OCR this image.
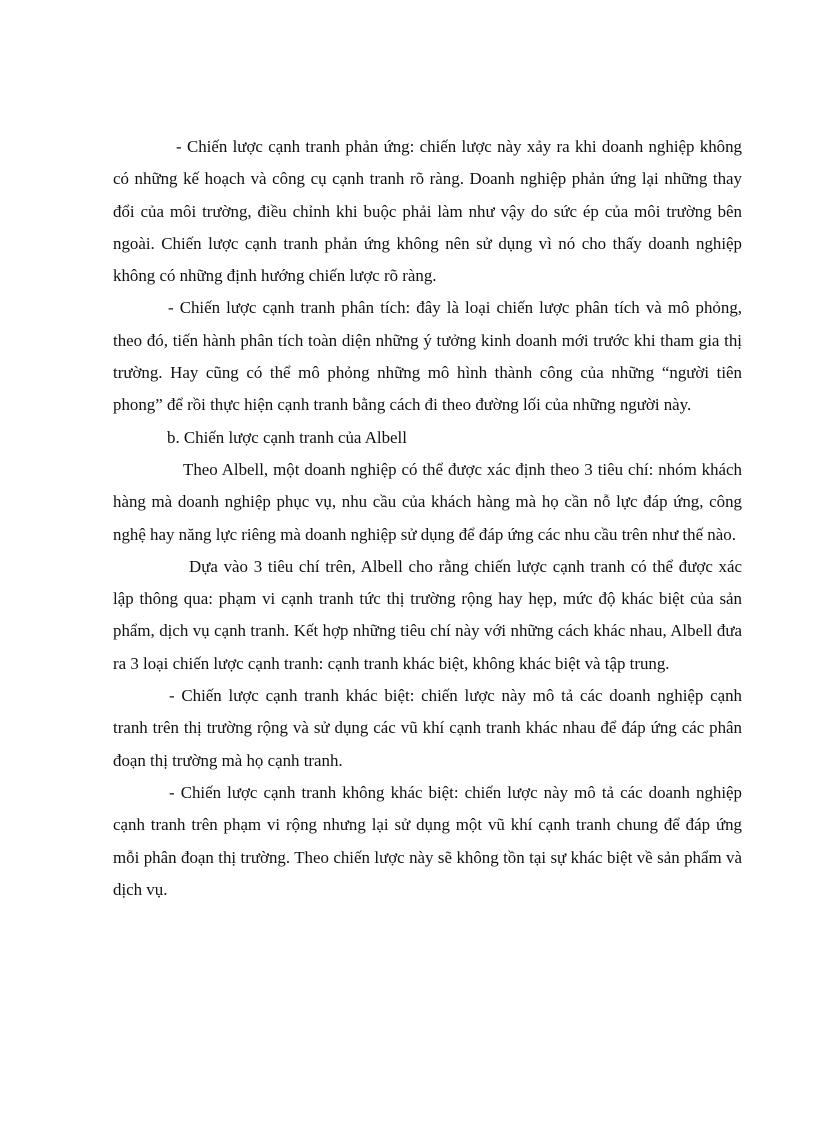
- Chiến lược cạnh tranh phản ứng: chiến lược này xảy ra khi doanh nghiệp không có những kế hoạch và công cụ cạnh tranh rõ ràng. Doanh nghiệp phản ứng lại những thay đổi của môi trường, điều chỉnh khi buộc phải làm như vậy do sức ép của môi trường bên ngoài. Chiến lược cạnh tranh phản ứng không nên sử dụng vì nó cho thấy doanh nghiệp không có những định hướng chiến lược rõ ràng.

- Chiến lược cạnh tranh phân tích: đây là loại chiến lược phân tích và mô phỏng, theo đó, tiến hành phân tích toàn diện những ý tưởng kinh doanh mới trước khi tham gia thị trường. Hay cũng có thể mô phỏng những mô hình thành công của những “người tiên phong” để rồi thực hiện cạnh tranh bằng cách đi theo đường lối của những người này.

b. Chiến lược cạnh tranh của Albell

Theo Albell, một doanh nghiệp có thể được xác định theo 3 tiêu chí: nhóm khách hàng mà doanh nghiệp phục vụ, nhu cầu của khách hàng mà họ cần nỗ lực đáp ứng, công nghệ hay năng lực riêng mà doanh nghiệp sử dụng để đáp ứng các nhu cầu trên như thế nào.

Dựa vào 3 tiêu chí trên, Albell cho rằng chiến lược cạnh tranh có thể được xác lập thông qua: phạm vi cạnh tranh tức thị trường rộng hay hẹp, mức độ khác biệt của sản phẩm, dịch vụ cạnh tranh. Kết hợp những tiêu chí này với những cách khác nhau, Albell đưa ra 3 loại chiến lược cạnh tranh: cạnh tranh khác biệt, không khác biệt và tập trung.

- Chiến lược cạnh tranh khác biệt: chiến lược này mô tả các doanh nghiệp cạnh tranh trên thị trường rộng và sử dụng các vũ khí cạnh tranh khác nhau để đáp ứng các phân đoạn thị trường mà họ cạnh tranh.

- Chiến lược cạnh tranh không khác biệt: chiến lược này mô tả các doanh nghiệp cạnh tranh trên phạm vi rộng nhưng lại sử dụng một vũ khí cạnh tranh chung để đáp ứng mỗi phân đoạn thị trường. Theo chiến lược này sẽ không tồn tại sự khác biệt về sản phẩm và dịch vụ.
